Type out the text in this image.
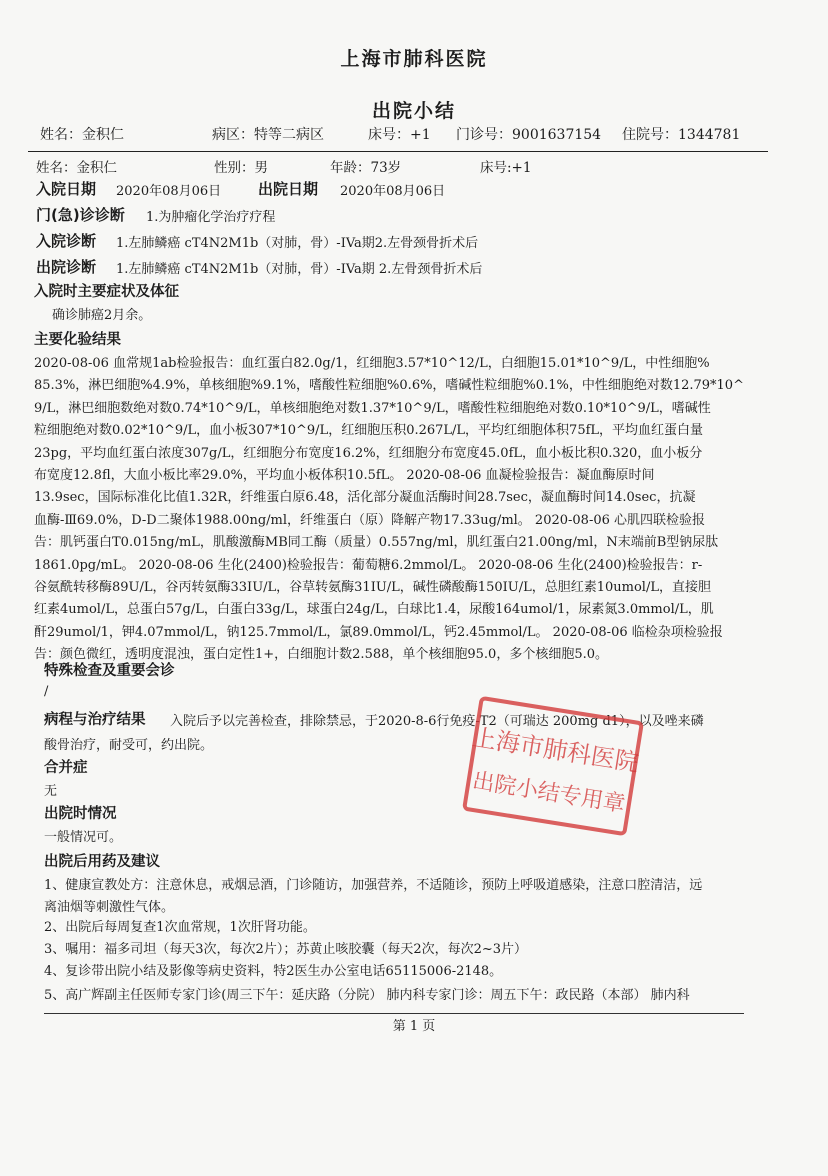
上海市肺科医院
出院小结
姓名：金积仁	病区：特等二病区	床号：+1 门诊号：9001637154 住院号：1344781
姓名：金积仁	性别：男	年龄：73岁	床号:+1
入院日期 2020年08月06日 出院日期 2020年08月06日
门(急)诊诊断 1.为肿瘤化学治疗疗程
入院诊断 1.左肺鳞癌 cT4N2M1b（对肺，骨）-IVa期2.左骨颈骨折术后
出院诊断 1.左肺鳞癌 cT4N2M1b（对肺，骨）-IVa期 2.左骨颈骨折术后
入院时主要症状及体征
确诊肺癌2月余。
主要化验结果
2020-08-06 血常规1ab检验报告：血红蛋白82.0g/1，红细胞3.57*10^12/L，白细胞15.01*10^9/L，中性细胞%
85.3%，淋巴细胞%4.9%，单核细胞%9.1%，嗜酸性粒细胞%0.6%，嗜碱性粒细胞%0.1%，中性细胞绝对数12.79*10^
9/L，淋巴细胞数绝对数0.74*10^9/L，单核细胞绝对数1.37*10^9/L，嗜酸性粒细胞绝对数0.10*10^9/L，嗜碱性
粒细胞绝对数0.02*10^9/L，血小板307*10^9/L，红细胞压积0.267L/L，平均红细胞体积75fL，平均血红蛋白量
23pg，平均血红蛋白浓度307g/L，红细胞分布宽度16.2%，红细胞分布宽度45.0fL，血小板比积0.320，血小板分
布宽度12.8fl，大血小板比率29.0%，平均血小板体积10.5fL。 2020-08-06 血凝检验报告：凝血酶原时间
13.9sec，国际标准化比值1.32R，纤维蛋白原6.48，活化部分凝血活酶时间28.7sec，凝血酶时间14.0sec，抗凝
血酶-Ⅲ69.0%，D-D二聚体1988.00ng/ml，纤维蛋白（原）降解产物17.33ug/ml。 2020-08-06 心肌四联检验报
告：肌钙蛋白T0.015ng/mL，肌酸激酶MB同工酶（质量）0.557ng/ml，肌红蛋白21.00ng/ml，N末端前B型钠尿肽
1861.0pg/mL。 2020-08-06 生化(2400)检验报告：葡萄糖6.2mmol/L。 2020-08-06 生化(2400)检验报告：r-
谷氨酰转移酶89U/L，谷丙转氨酶33IU/L，谷草转氨酶31IU/L，碱性磷酸酶150IU/L，总胆红素10umol/L，直接胆
红素4umol/L，总蛋白57g/L，白蛋白33g/L，球蛋白24g/L，白球比1.4，尿酸164umol/1，尿素氮3.0mmol/L，肌
酐29umol/1，钾4.07mmol/L，钠125.7mmol/L，氯89.0mmol/L，钙2.45mmol/L。 2020-08-06 临检杂项检验报
告：颜色微红，透明度混浊，蛋白定性1+，白细胞计数2.588，单个核细胞95.0，多个核细胞5.0。
特殊检查及重要会诊
/
病程与治疗结果 入院后予以完善检查，排除禁忌，于2020-8-6行免疫-T2（可瑞达 200mg d1），以及唑来磷
酸骨治疗，耐受可，约出院。
合并症
无
出院时情况
一般情况可。
出院后用药及建议
1、健康宣教处方：注意休息，戒烟忌酒，门诊随访，加强营养，不适随诊，预防上呼吸道感染，注意口腔清洁，远
离油烟等刺激性气体。
2、出院后每周复查1次血常规，1次肝肾功能。
3、嘱用：福多司坦（每天3次，每次2片）；苏黄止咳胶囊（每天2次，每次2~3片）
4、复诊带出院小结及影像等病史资料，特2医生办公室电话65115006-2148。
5、高广辉副主任医师专家门诊(周三下午：延庆路（分院） 肺内科专家门诊：周五下午：政民路（本部） 肺内科
第 1 页
上海市肺科医院
出院小结专用章
